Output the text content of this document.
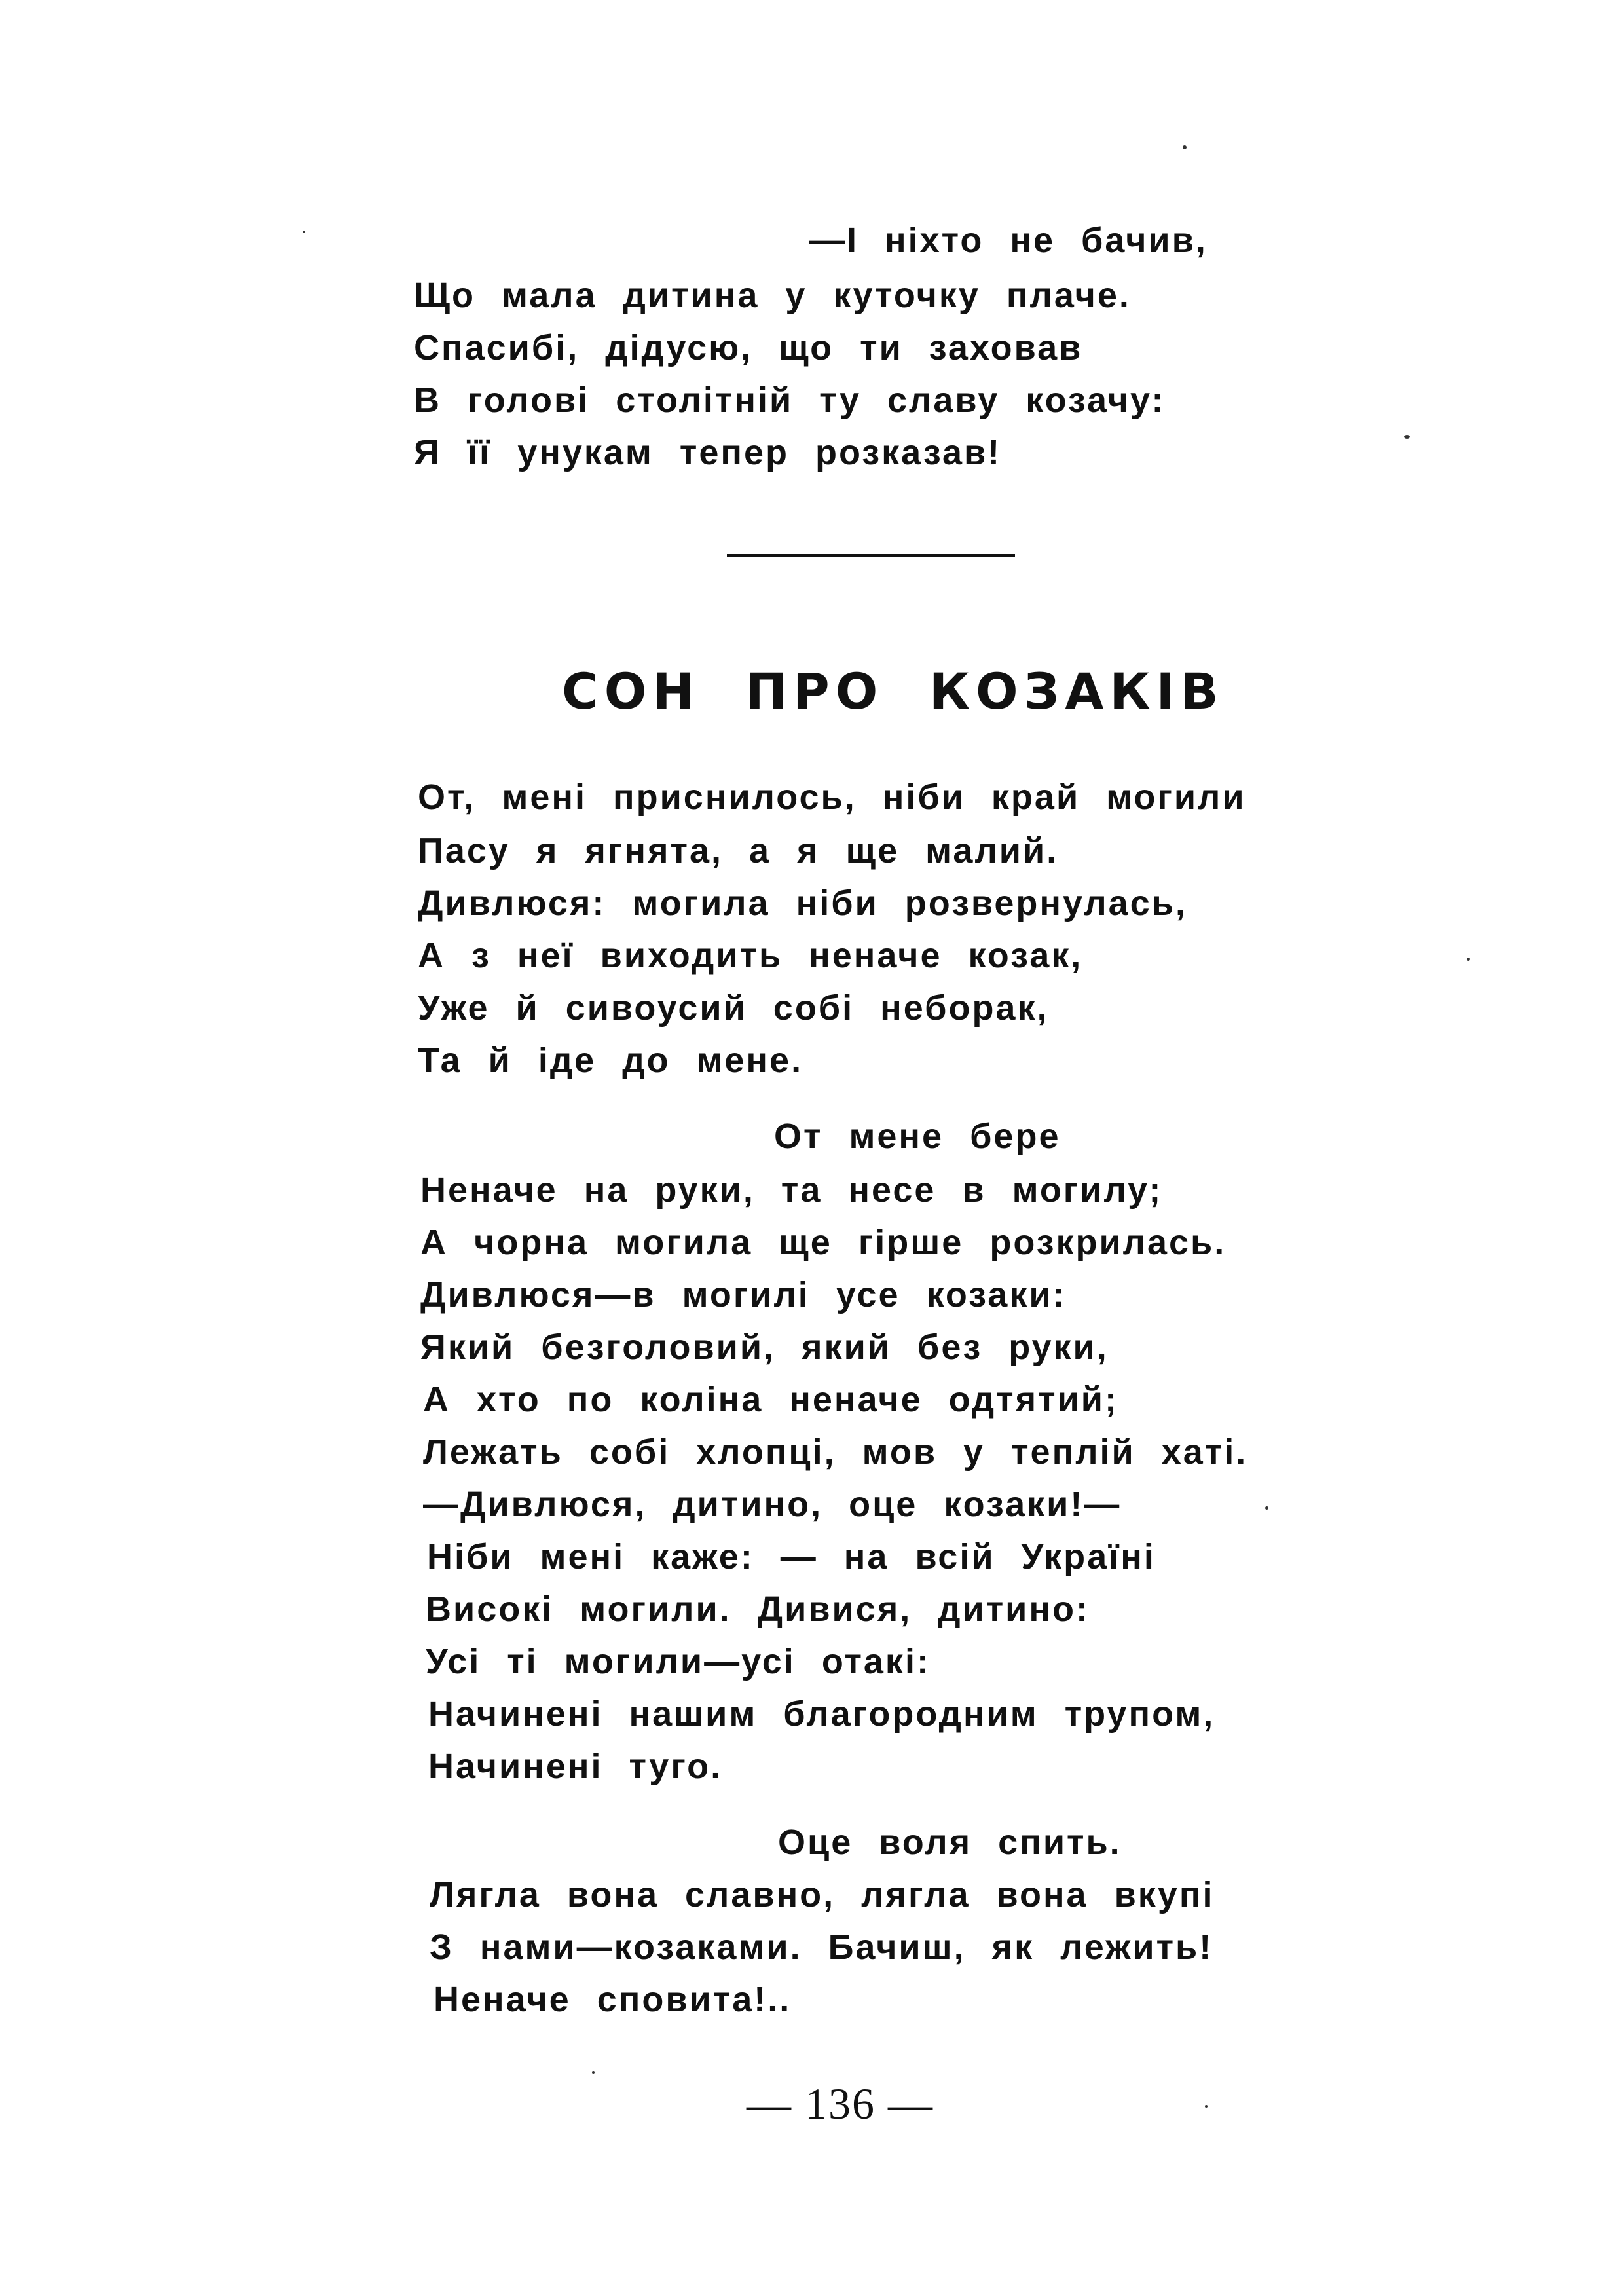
—І ніхто не бачив,
Що мала дитина у куточку плаче.
Спасибі, дідусю, що ти заховав
В голові столітній ту славу козачу:
Я її унукам тепер розказав!
СОН ПРО КОЗАКІВ
От, мені приснилось, ніби край могили
Пасу я ягнята, а я ще малий.
Дивлюся: могила ніби розвернулась,
А з неї виходить неначе козак,
Уже й сивоусий собі неборак,
Та й іде до мене.
От мене бере
Неначе на руки, та несе в могилу;
А чорна могила ще гірше розкрилась.
Дивлюся—в могилі усе козаки:
Який безголовий, який без руки,
А хто по коліна неначе одтятий;
Лежать собі хлопці, мов у теплій хаті.
—Дивлюся, дитино, оце козаки!—
Ніби мені каже: — на всій Україні
Високі могили. Дивися, дитино:
Усі ті могили—усі отакі:
Начинені нашим благородним трупом,
Начинені туго.
Оце воля спить.
Лягла вона славно, лягла вона вкупі
З нами—козаками. Бачиш, як лежить!
Неначе сповита!..
— 136 —
